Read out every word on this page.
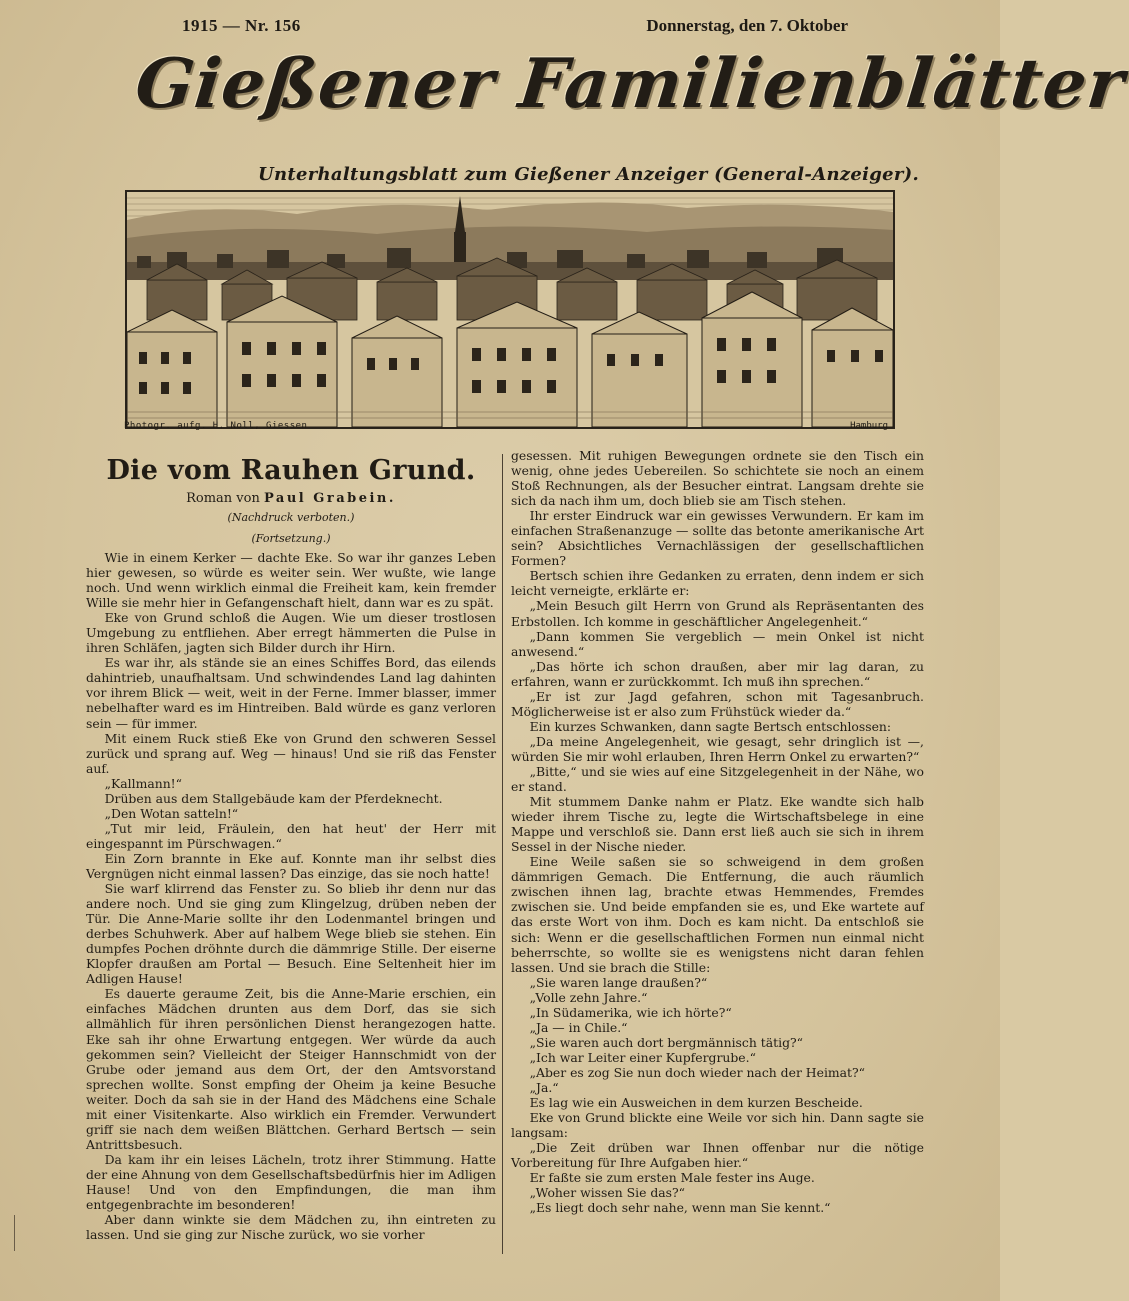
1915 — Nr. 156	Donnerstag, den 7. Oktober
Gießener Familienblätter
Unterhaltungsblatt zum Gießener Anzeiger (General-Anzeiger).
Photogr. aufg. H. Noll, Giessen	Hamburg
Die vom Rauhen Grund.

Roman von Paul Grabein.

(Nachdruck verboten.)
(Fortsetzung.)

Wie in einem Kerker — dachte Eke. So war ihr ganzes Leben hier gewesen, so würde es weiter sein. Wer wußte, wie lange noch. Und wenn wirklich einmal die Freiheit kam, kein fremder Wille sie mehr hier in Gefangenschaft hielt, dann war es zu spät.

Eke von Grund schloß die Augen. Wie um dieser trostlosen Umgebung zu entfliehen. Aber erregt hämmerten die Pulse in ihren Schläfen, jagten sich Bilder durch ihr Hirn.

Es war ihr, als stände sie an eines Schiffes Bord, das eilends dahintrieb, unaufhaltsam. Und schwindendes Land lag dahinten vor ihrem Blick — weit, weit in der Ferne. Immer blasser, immer nebelhafter ward es im Hintreiben. Bald würde es ganz verloren sein — für immer.

Mit einem Ruck stieß Eke von Grund den schweren Sessel zurück und sprang auf. Weg — hinaus! Und sie riß das Fenster auf.

„Kallmann!“

Drüben aus dem Stallgebäude kam der Pferdeknecht.

„Den Wotan satteln!“

„Tut mir leid, Fräulein, den hat heut' der Herr mit eingespannt im Pürschwagen.“

Ein Zorn brannte in Eke auf. Konnte man ihr selbst dies Vergnügen nicht einmal lassen? Das einzige, das sie noch hatte!

Sie warf klirrend das Fenster zu. So blieb ihr denn nur das andere noch. Und sie ging zum Klingelzug, drüben neben der Tür. Die Anne-Marie sollte ihr den Lodenmantel bringen und derbes Schuhwerk. Aber auf halbem Wege blieb sie stehen. Ein dumpfes Pochen dröhnte durch die dämmrige Stille. Der eiserne Klopfer draußen am Portal — Besuch. Eine Seltenheit hier im Adligen Hause!

Es dauerte geraume Zeit, bis die Anne-Marie erschien, ein einfaches Mädchen drunten aus dem Dorf, das sie sich allmählich für ihren persönlichen Dienst herangezogen hatte. Eke sah ihr ohne Erwartung entgegen. Wer würde da auch gekommen sein? Vielleicht der Steiger Hannschmidt von der Grube oder jemand aus dem Ort, der den Amtsvorstand sprechen wollte. Sonst empfing der Oheim ja keine Besuche weiter. Doch da sah sie in der Hand des Mädchens eine Schale mit einer Visitenkarte. Also wirklich ein Fremder. Verwundert griff sie nach dem weißen Blättchen. Gerhard Bertsch — sein Antrittsbesuch.

Da kam ihr ein leises Lächeln, trotz ihrer Stimmung. Hatte der eine Ahnung von dem Gesellschaftsbedürfnis hier im Adligen Hause! Und von den Empfindungen, die man ihm entgegenbrachte im besonderen!

Aber dann winkte sie dem Mädchen zu, ihn eintreten zu lassen. Und sie ging zur Nische zurück, wo sie vorher

gesessen. Mit ruhigen Bewegungen ordnete sie den Tisch ein wenig, ohne jedes Uebereilen. So schichtete sie noch an einem Stoß Rechnungen, als der Besucher eintrat. Langsam drehte sie sich da nach ihm um, doch blieb sie am Tisch stehen.

Ihr erster Eindruck war ein gewisses Verwundern. Er kam im einfachen Straßenanzuge — sollte das betonte amerikanische Art sein? Absichtliches Vernachlässigen der gesellschaftlichen Formen?

Bertsch schien ihre Gedanken zu erraten, denn indem er sich leicht verneigte, erklärte er:

„Mein Besuch gilt Herrn von Grund als Repräsentanten des Erbstollen. Ich komme in geschäftlicher Angelegenheit.“

„Dann kommen Sie vergeblich — mein Onkel ist nicht anwesend.“

„Das hörte ich schon draußen, aber mir lag daran, zu erfahren, wann er zurückkommt. Ich muß ihn sprechen.“

„Er ist zur Jagd gefahren, schon mit Tagesanbruch. Möglicherweise ist er also zum Frühstück wieder da.“

Ein kurzes Schwanken, dann sagte Bertsch entschlossen:

„Da meine Angelegenheit, wie gesagt, sehr dringlich ist —, würden Sie mir wohl erlauben, Ihren Herrn Onkel zu erwarten?“

„Bitte,“ und sie wies auf eine Sitzgelegenheit in der Nähe, wo er stand.

Mit stummem Danke nahm er Platz. Eke wandte sich halb wieder ihrem Tische zu, legte die Wirtschaftsbelege in eine Mappe und verschloß sie. Dann erst ließ auch sie sich in ihrem Sessel in der Nische nieder.

Eine Weile saßen sie so schweigend in dem großen dämmrigen Gemach. Die Entfernung, die auch räumlich zwischen ihnen lag, brachte etwas Hemmendes, Fremdes zwischen sie. Und beide empfanden sie es, und Eke wartete auf das erste Wort von ihm. Doch es kam nicht. Da entschloß sie sich: Wenn er die gesellschaftlichen Formen nun einmal nicht beherrschte, so wollte sie es wenigstens nicht daran fehlen lassen. Und sie brach die Stille:

„Sie waren lange draußen?“

„Volle zehn Jahre.“

„In Südamerika, wie ich hörte?“

„Ja — in Chile.“

„Sie waren auch dort bergmännisch tätig?“

„Ich war Leiter einer Kupfergrube.“

„Aber es zog Sie nun doch wieder nach der Heimat?“

„Ja.“

Es lag wie ein Ausweichen in dem kurzen Bescheide.

Eke von Grund blickte eine Weile vor sich hin. Dann sagte sie langsam:

„Die Zeit drüben war Ihnen offenbar nur die nötige Vorbereitung für Ihre Aufgaben hier.“

Er faßte sie zum ersten Male fester ins Auge.

„Woher wissen Sie das?“

„Es liegt doch sehr nahe, wenn man Sie kennt.“
